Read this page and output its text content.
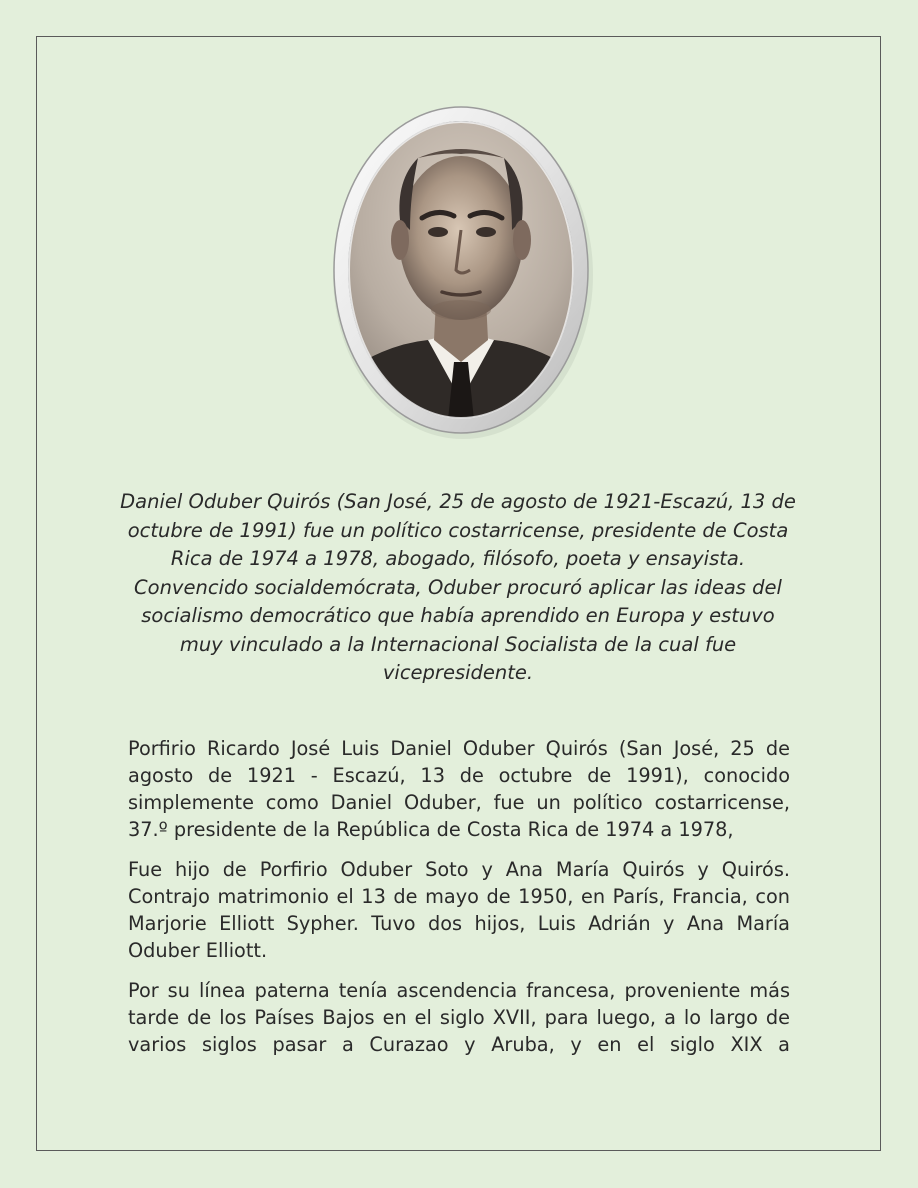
Daniel Oduber Quirós (San José, 25 de agosto de 1921-Escazú, 13 de octubre de 1991) fue un político costarricense, presidente de Costa Rica de 1974 a 1978, abogado, filósofo, poeta y ensayista. Convencido socialdemócrata, Oduber procuró aplicar las ideas del socialismo democrático que había aprendido en Europa y estuvo muy vinculado a la Internacional Socialista de la cual fue vicepresidente.

Porfirio Ricardo José Luis Daniel Oduber Quirós (San José, 25 de agosto de 1921 - Escazú, 13 de octubre de 1991), conocido simplemente como Daniel Oduber, fue un político costarricense, 37.º presidente de la República de Costa Rica de 1974 a 1978,

Fue hijo de Porfirio Oduber Soto y Ana María Quirós y Quirós. Contrajo matrimonio el 13 de mayo de 1950, en París, Francia, con Marjorie Elliott Sypher. Tuvo dos hijos, Luis Adrián y Ana María Oduber Elliott.

Por su línea paterna tenía ascendencia francesa, proveniente más tarde de los Países Bajos en el siglo XVII, para luego, a lo largo de varios siglos pasar a Curazao y Aruba, y en el siglo XIX a
